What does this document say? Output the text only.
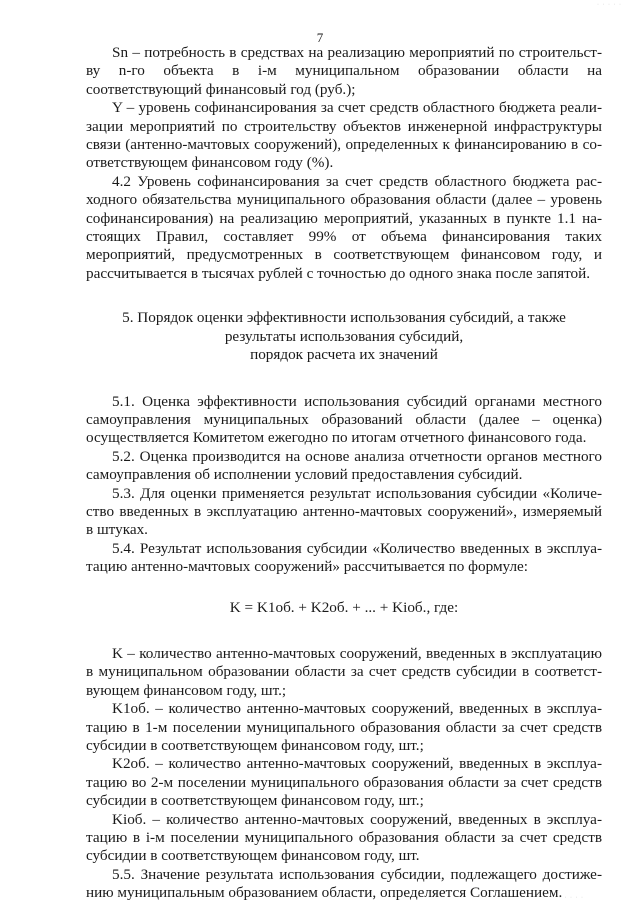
· · · · ·
7

Sn – потребность в средствах на реализацию мероприятий по строительству n-го объекта в i-м муниципальном образовании области на соответствующий финансовый год (руб.);

Y – уровень софинансирования за счет средств областного бюджета реализации мероприятий по строительству объектов инженерной инфраструктуры связи (антенно-мачтовых сооружений), определенных к финансированию в соответствующем финансовом году (%).

4.2 Уровень софинансирования за счет средств областного бюджета расходного обязательства муниципального образования области (далее – уровень софинансирования) на реализацию мероприятий, указанных в пункте 1.1 настоящих Правил, составляет 99% от объема финансирования таких мероприятий, предусмотренных в соответствующем финансовом году, и рассчитывается в тысячах рублей с точностью до одного знака после запятой.

5. Порядок оценки эффективности использования субсидий, а также
результаты использования субсидий,
порядок расчета их значений

5.1. Оценка эффективности использования субсидий органами местного самоуправления муниципальных образований области (далее – оценка) осуществляется Комитетом ежегодно по итогам отчетного финансового года.

5.2. Оценка производится на основе анализа отчетности органов местного самоуправления об исполнении условий предоставления субсидий.

5.3. Для оценки применяется результат использования субсидии «Количество введенных в эксплуатацию антенно-мачтовых сооружений», измеряемый в штуках.

5.4. Результат использования субсидии «Количество введенных в эксплуатацию антенно-мачтовых сооружений» рассчитывается по формуле:

K = K1об. + K2об. + ... + Kiоб., где:

K – количество антенно-мачтовых сооружений, введенных в эксплуатацию в муниципальном образовании области за счет средств субсидии в соответствующем финансовом году, шт.;

K1об. – количество антенно-мачтовых сооружений, введенных в эксплуатацию в 1-м поселении муниципального образования области за счет средств субсидии в соответствующем финансовом году, шт.;

K2об. – количество антенно-мачтовых сооружений, введенных в эксплуатацию во 2-м поселении муниципального образования области за счет средств субсидии в соответствующем финансовом году, шт.;

Kiоб. – количество антенно-мачтовых сооружений, введенных в эксплуатацию в i-м поселении муниципального образования области за счет средств субсидии в соответствующем финансовом году, шт.

5.5. Значение результата использования субсидии, подлежащего достижению муниципальным образованием области, определяется Соглашением.

· · · · ·
